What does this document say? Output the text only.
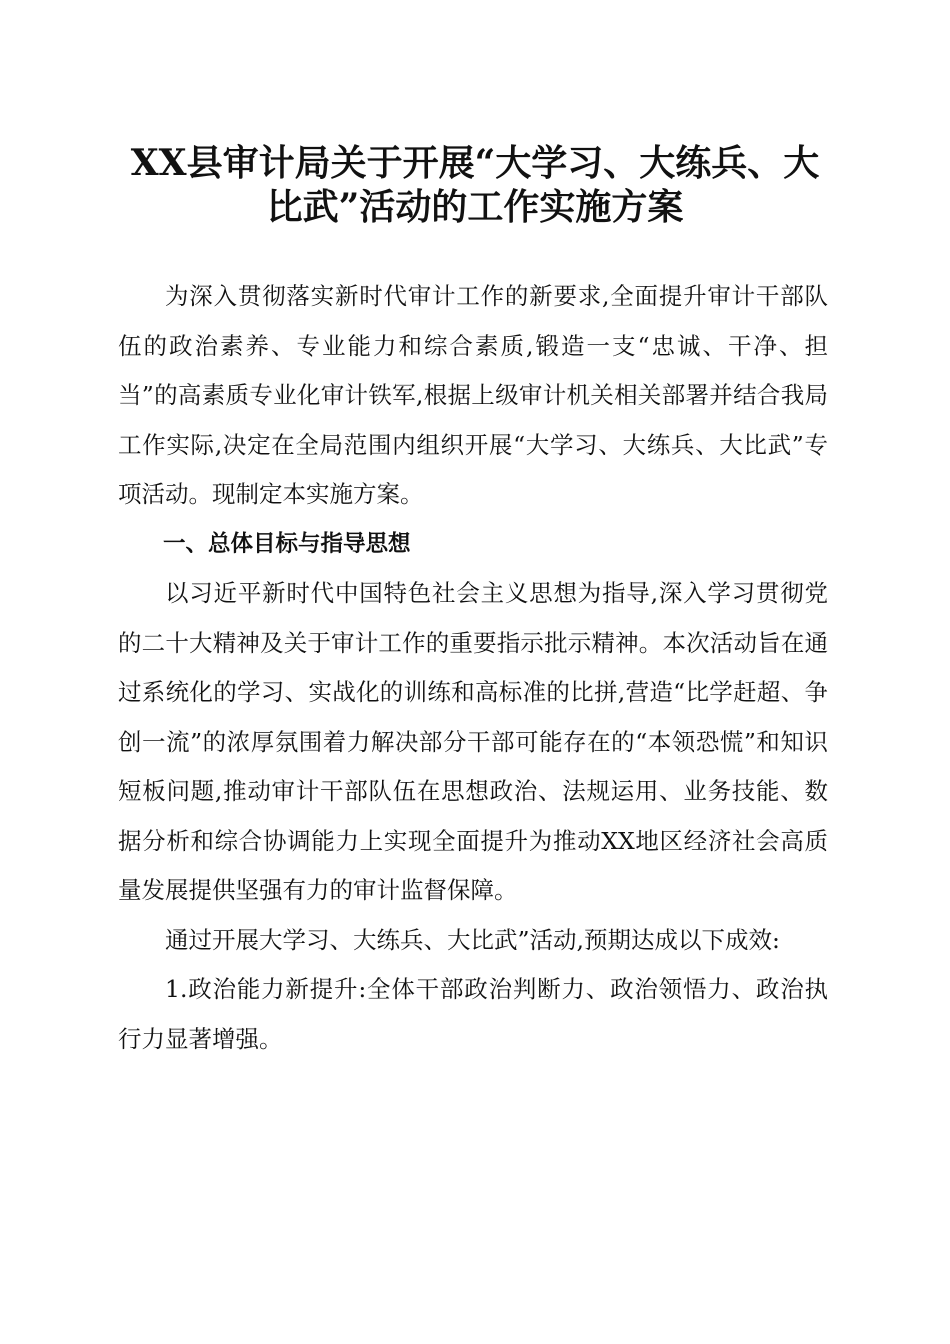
XX县审计局关于开展“大学习、大练兵、大
比武”活动的工作实施方案

为深入贯彻落实新时代审计工作的新要求,全面提升审计干部队伍的政治素养、专业能力和综合素质,锻造一支“忠诚、干净、担当”的高素质专业化审计铁军,根据上级审计机关相关部署并结合我局工作实际,决定在全局范围内组织开展“大学习、大练兵、大比武”专项活动。现制定本实施方案。

一、总体目标与指导思想

以习近平新时代中国特色社会主义思想为指导,深入学习贯彻党的二十大精神及关于审计工作的重要指示批示精神。本次活动旨在通过系统化的学习、实战化的训练和高标准的比拼,营造“比学赶超、争创一流”的浓厚氛围着力解决部分干部可能存在的“本领恐慌”和知识短板问题,推动审计干部队伍在思想政治、法规运用、业务技能、数据分析和综合协调能力上实现全面提升为推动XX地区经济社会高质量发展提供坚强有力的审计监督保障。

通过开展大学习、大练兵、大比武”活动,预期达成以下成效:

1.政治能力新提升:全体干部政治判断力、政治领悟力、政治执行力显著增强。
